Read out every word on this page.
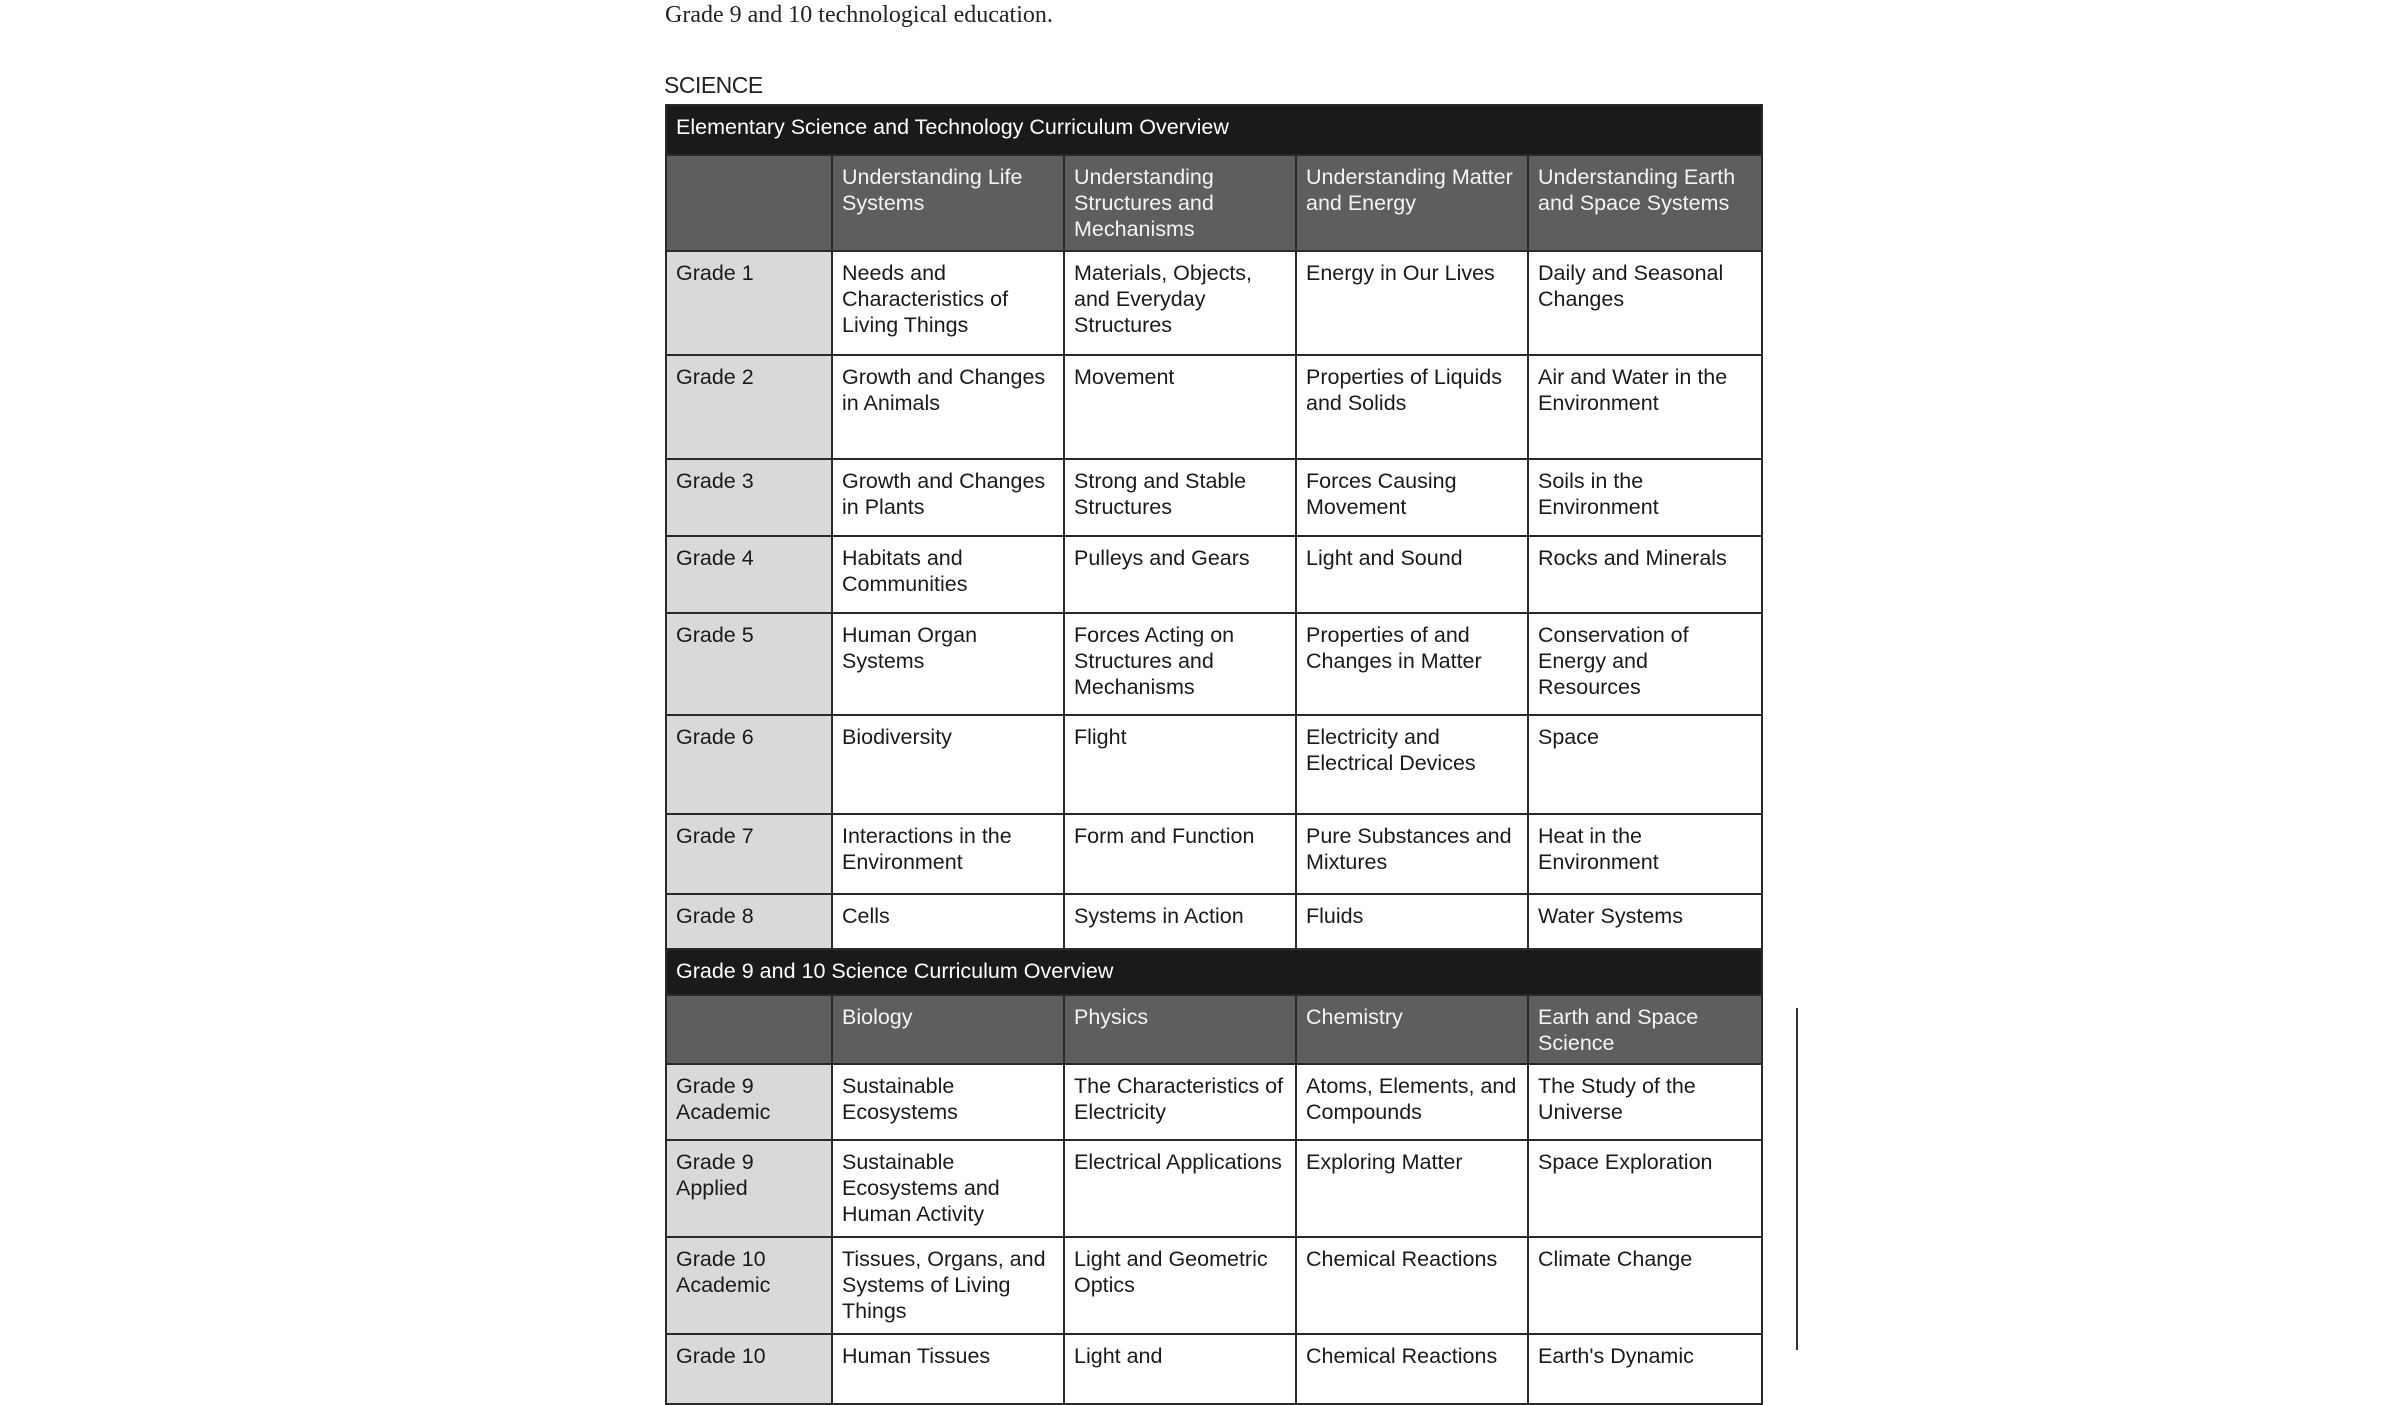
Grade 9 and 10 technological education.
SCIENCE
Elementary Science and Technology Curriculum Overview				
	Understanding Life Systems	Understanding Structures and Mechanisms	Understanding Matter and Energy	Understanding Earth and Space Systems
Grade 1	Needs and Characteristics of Living Things	Materials, Objects, and Everyday Structures	Energy in Our Lives	Daily and Seasonal Changes
Grade 2	Growth and Changes in Animals	Movement	Properties of Liquids and Solids	Air and Water in the Environment
Grade 3	Growth and Changes in Plants	Strong and Stable Structures	Forces Causing Movement	Soils in the Environment
Grade 4	Habitats and Communities	Pulleys and Gears	Light and Sound	Rocks and Minerals
Grade 5	Human Organ Systems	Forces Acting on Structures and Mechanisms	Properties of and Changes in Matter	Conservation of Energy and Resources
Grade 6	Biodiversity	Flight	Electricity and Electrical Devices	Space
Grade 7	Interactions in the Environment	Form and Function	Pure Substances and Mixtures	Heat in the Environment
Grade 8	Cells	Systems in Action	Fluids	Water Systems
Grade 9 and 10 Science Curriculum Overview				
	Biology	Physics	Chemistry	Earth and Space Science
Grade 9 Academic	Sustainable Ecosystems	The Characteristics of Electricity	Atoms, Elements, and Compounds	The Study of the Universe
Grade 9 Applied	Sustainable Ecosystems and Human Activity	Electrical Applications	Exploring Matter	Space Exploration
Grade 10 Academic	Tissues, Organs, and Systems of Living Things	Light and Geometric Optics	Chemical Reactions	Climate Change
Grade 10	Human Tissues	Light and	Chemical Reactions	Earth's Dynamic
